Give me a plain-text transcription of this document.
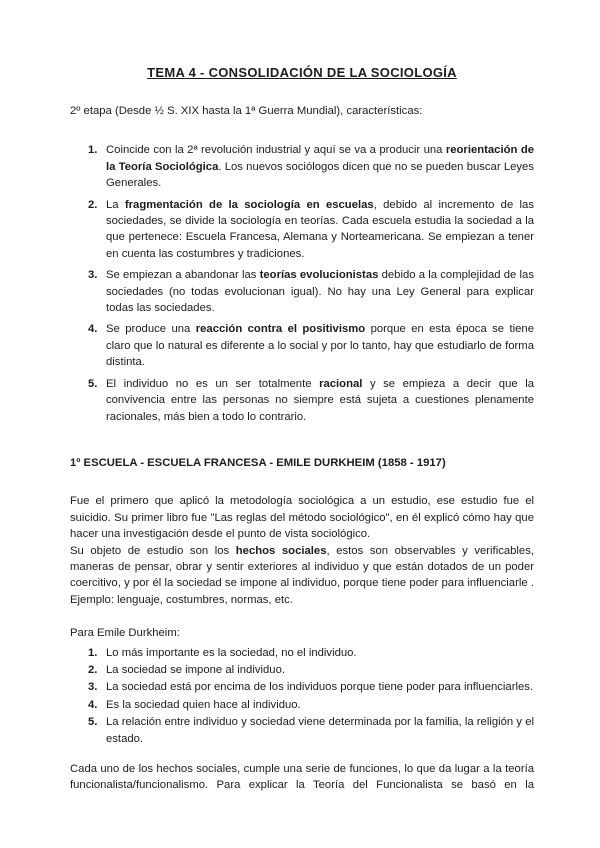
TEMA 4 - CONSOLIDACIÓN DE LA SOCIOLOGÍA

2º etapa (Desde ½ S. XIX hasta la 1ª Guerra Mundial), características:

1. Coincide con la 2ª revolución industrial y aquí se va a producir una reorientación de la Teoría Sociológica. Los nuevos sociólogos dicen que no se pueden buscar Leyes Generales.
2. La fragmentación de la sociología en escuelas, debido al incremento de las sociedades, se divide la sociología en teorías. Cada escuela estudia la sociedad a la que pertenece: Escuela Francesa, Alemana y Norteamericana. Se empiezan a tener en cuenta las costumbres y tradiciones.
3. Se empiezan a abandonar las teorías evolucionistas debido a la complejidad de las sociedades (no todas evolucionan igual). No hay una Ley General para explicar todas las sociedades.
4. Se produce una reacción contra el positivismo porque en esta época se tiene claro que lo natural es diferente a lo social y por lo tanto, hay que estudiarlo de forma distinta.
5. El individuo no es un ser totalmente racional y se empieza a decir que la convivencia entre las personas no siempre está sujeta a cuestiones plenamente racionales, más bien a todo lo contrario.
1º ESCUELA - ESCUELA FRANCESA - EMILE DURKHEIM (1858 - 1917)

Fue el primero que aplicó la metodología sociológica a un estudio, ese estudio fue el suicidio. Su primer libro fue "Las reglas del método sociológico", en él explicó cómo hay que hacer una investigación desde el punto de vista sociológico.

Su objeto de estudio son los hechos sociales, estos son observables y verificables, maneras de pensar, obrar y sentir exteriores al individuo y que están dotados de un poder coercitivo, y por él la sociedad se impone al individuo, porque tiene poder para influenciarle . Ejemplo: lenguaje, costumbres, normas, etc.

Para Emile Durkheim:

1. Lo más importante es la sociedad, no el individuo.
2. La sociedad se impone al individuo.
3. La sociedad está por encima de los individuos porque tiene poder para influenciarles.
4. Es la sociedad quien hace al individuo.
5. La relación entre individuo y sociedad viene determinada por la familia, la religión y el estado.

Cada uno de los hechos sociales, cumple una serie de funciones, lo que da lugar a la teoría funcionalista/funcionalismo. Para explicar la Teoría del Funcionalista se basó en la
